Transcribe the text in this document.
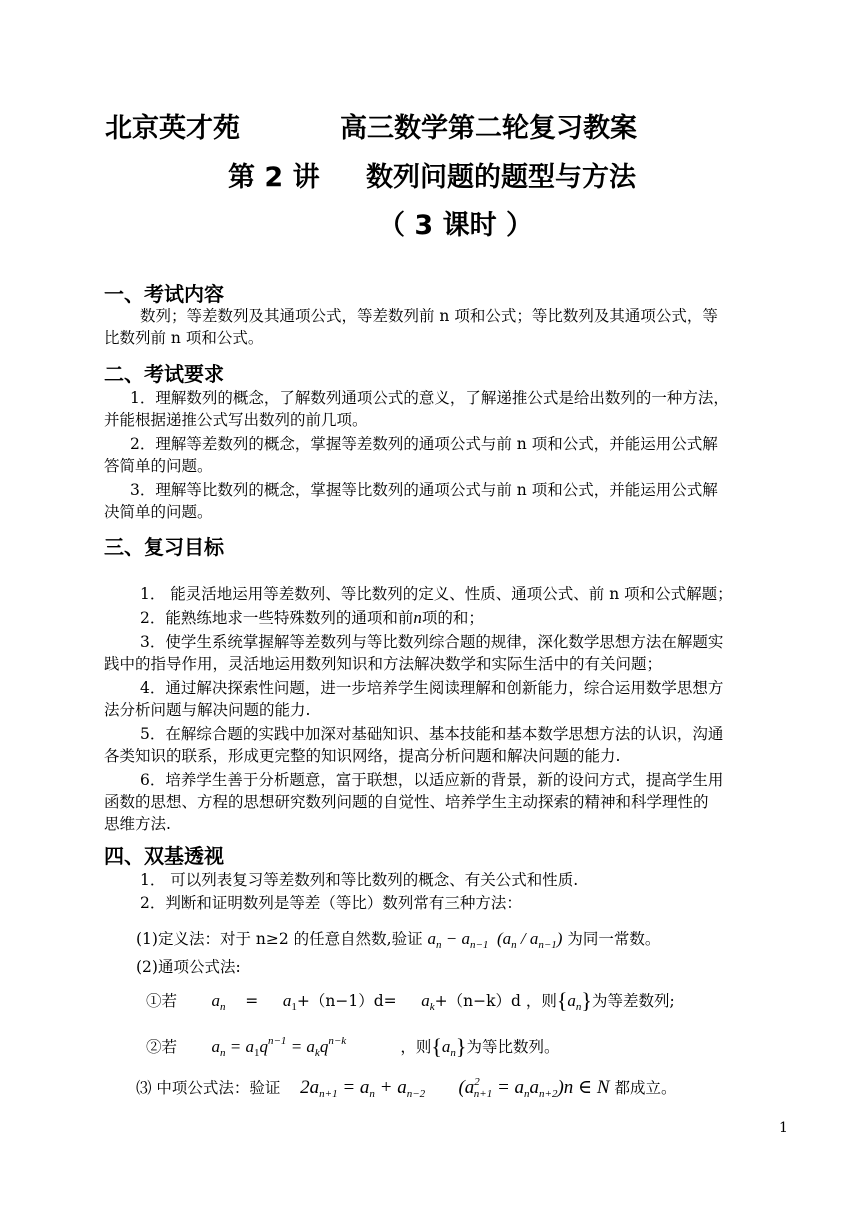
北京英才苑	高三数学第二轮复习教案
第 2 讲 数列问题的题型与方法
（ 3 课时 ）
一、考试内容
数列；等差数列及其通项公式，等差数列前 n 项和公式；等比数列及其通项公式，等
比数列前 n 项和公式。
二、考试要求
1．理解数列的概念，了解数列通项公式的意义，了解递推公式是给出数列的一种方法，
并能根据递推公式写出数列的前几项。
2．理解等差数列的概念，掌握等差数列的通项公式与前 n 项和公式，并能运用公式解
答简单的问题。
3．理解等比数列的概念，掌握等比数列的通项公式与前 n 项和公式，并能运用公式解
决简单的问题。
三、复习目标
1． 能灵活地运用等差数列、等比数列的定义、性质、通项公式、前 n 项和公式解题；
2．能熟练地求一些特殊数列的通项和前n项的和；
3．使学生系统掌握解等差数列与等比数列综合题的规律，深化数学思想方法在解题实
践中的指导作用，灵活地运用数列知识和方法解决数学和实际生活中的有关问题；
4．通过解决探索性问题，进一步培养学生阅读理解和创新能力，综合运用数学思想方
法分析问题与解决问题的能力.
5．在解综合题的实践中加深对基础知识、基本技能和基本数学思想方法的认识，沟通
各类知识的联系，形成更完整的知识网络，提高分析问题和解决问题的能力.
6．培养学生善于分析题意，富于联想，以适应新的背景，新的设问方式，提高学生用
函数的思想、方程的思想研究数列问题的自觉性、培养学生主动探索的精神和科学理性的
思维方法.
四、双基透视
1． 可以列表复习等差数列和等比数列的概念、有关公式和性质.
2．判断和证明数列是等差（等比）数列常有三种方法：
(1)定义法：对于 n≥2 的任意自然数,验证 $a_n - a_{n-1}$  $(a_n / a_{n-1})$ 为同一常数。
(2)通项公式法:
①若 $a_n = a_1+(n-1)d= a_k+(n-k)d$ ，则$\{a_n\}$为等差数列;
②若 $a_n = a_1q^{n-1} = a_kq^{n-k}$	，则$\{a_n\}$为等比数列。
⑶ 中项公式法：验证 $2a_{n+1} = a_n + a_{n-2}$       $(a^2_{n+1} = a_na_{n+2})n$ ∈ N 都成立。
1
